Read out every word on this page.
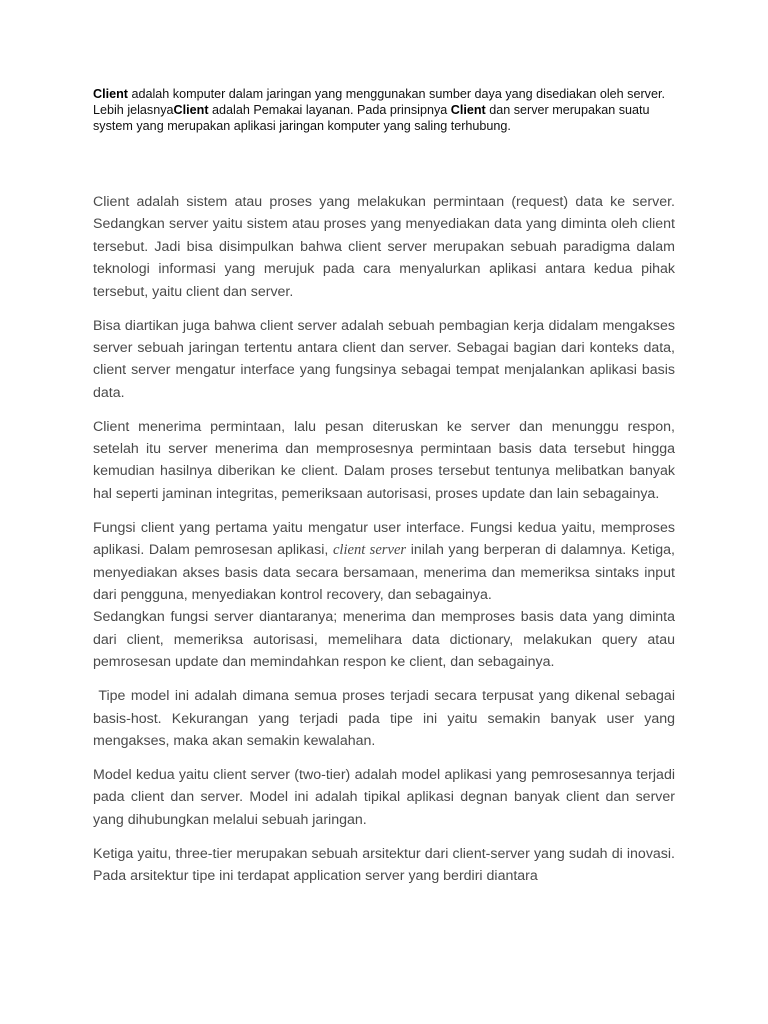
Client adalah komputer dalam jaringan yang menggunakan sumber daya yang disediakan oleh server. Lebih jelasnyaClient adalah Pemakai layanan. Pada prinsipnya Client dan server merupakan suatu system yang merupakan aplikasi jaringan komputer yang saling terhubung.

Client adalah sistem atau proses yang melakukan permintaan (request) data ke server. Sedangkan server yaitu sistem atau proses yang menyediakan data yang diminta oleh client tersebut. Jadi bisa disimpulkan bahwa client server merupakan sebuah paradigma dalam teknologi informasi yang merujuk pada cara menyalurkan aplikasi antara kedua pihak tersebut, yaitu client dan server.

Bisa diartikan juga bahwa client server adalah sebuah pembagian kerja didalam mengakses server sebuah jaringan tertentu antara client dan server. Sebagai bagian dari konteks data, client server mengatur interface yang fungsinya sebagai tempat menjalankan aplikasi basis data.

Client menerima permintaan, lalu pesan diteruskan ke server dan menunggu respon, setelah itu server menerima dan memprosesnya permintaan basis data tersebut hingga kemudian hasilnya diberikan ke client. Dalam proses tersebut tentunya melibatkan banyak hal seperti jaminan integritas, pemeriksaan autorisasi, proses update dan lain sebagainya.

Fungsi client yang pertama yaitu mengatur user interface. Fungsi kedua yaitu, memproses aplikasi. Dalam pemrosesan aplikasi, client server inilah yang berperan di dalamnya. Ketiga, menyediakan akses basis data secara bersamaan, menerima dan memeriksa sintaks input dari pengguna, menyediakan kontrol recovery, dan sebagainya.

Sedangkan fungsi server diantaranya; menerima dan memproses basis data yang diminta dari client, memeriksa autorisasi, memelihara data dictionary, melakukan query atau pemrosesan update dan memindahkan respon ke client, dan sebagainya.

Tipe model ini adalah dimana semua proses terjadi secara terpusat yang dikenal sebagai basis-host. Kekurangan yang terjadi pada tipe ini yaitu semakin banyak user yang mengakses, maka akan semakin kewalahan.

Model kedua yaitu client server (two-tier) adalah model aplikasi yang pemrosesannya terjadi pada client dan server. Model ini adalah tipikal aplikasi degnan banyak client dan server yang dihubungkan melalui sebuah jaringan.

Ketiga yaitu, three-tier merupakan sebuah arsitektur dari client-server yang sudah di inovasi. Pada arsitektur tipe ini terdapat application server yang berdiri diantara
